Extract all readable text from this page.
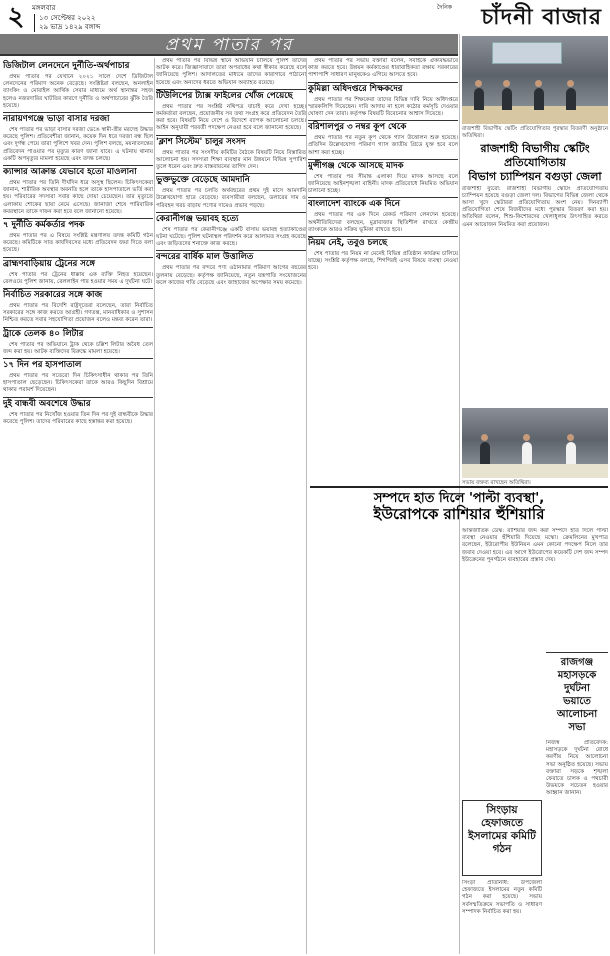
২	মঙ্গলবার
১৩ সেপ্টেম্বর ২০২২
২৯ ভাদ্র ১৪২৯ বঙ্গাব্দ
দৈনিক চাঁদনী বাজার
প্রথম পাতার পর
ডিজিটাল লেনদেনে দুর্নীতি-অর্থপাচার

প্রথম পাতার পর যেখানে ২০২১ সালে দেশে ডিজিটাল লেনদেনের পরিমাণ অনেক বেড়েছে। সংশ্লিষ্টরা বলছেন, অনলাইন ব্যাংকিং ও মোবাইল আর্থিক সেবার মাধ্যমে অর্থ স্থানান্তর সহজ হলেও নজরদারির ঘাটতির কারণে দুর্নীতি ও অর্থপাচারের ঝুঁকি তৈরি হয়েছে।

নারায়ণগঞ্জে ভাড়া বাসার দরজা

শেষ পাতার পর ভাড়া বাসার দরজা ভেঙে স্বামী-স্ত্রীর মরদেহ উদ্ধার করেছে পুলিশ। প্রতিবেশীরা জানান, কয়েক দিন ধরে দরজা বন্ধ ছিল এবং দুর্গন্ধ পেয়ে তারা পুলিশে খবর দেন। পুলিশ বলছে, ময়নাতদন্তের প্রতিবেদন পাওয়ার পর মৃত্যুর কারণ জানা যাবে। এ ঘটনায় থানায় একটি অপমৃত্যুর মামলা হয়েছে এবং তদন্ত চলছে।

ক্যান্সার আক্রান্ত যেভাবে হতো মাওলানা

প্রথম পাতার পর তিনি দীর্ঘদিন ধরে অসুস্থ ছিলেন। চিকিৎসকেরা জানান, শারীরিক অবস্থার অবনতি হলে তাকে হাসপাতালে ভর্তি করা হয়। পরিবারের সদস্যরা সবার কাছে দোয়া চেয়েছেন। তার মৃত্যুতে এলাকায় শোকের ছায়া নেমে এসেছে। জানাজা শেষে পারিবারিক কবরস্থানে তাকে দাফন করা হবে বলে জানানো হয়েছে।

৭ দুর্নীতি কর্মকর্তার পদক

প্রথম পাতার পর এ বিষয়ে সংশ্লিষ্ট মন্ত্রণালয় তদন্ত কমিটি গঠন করেছে। কমিটিকে সাত কার্যদিবসের মধ্যে প্রতিবেদন জমা দিতে বলা হয়েছে।

ব্রাহ্মণবাড়িয়ায় ট্রেনের সঙ্গে

শেষ পাতার পর ট্রেনের ধাক্কায় এক ব্যক্তি নিহত হয়েছেন। রেলওয়ে পুলিশ জানায়, রেললাইন পার হওয়ার সময় এ দুর্ঘটনা ঘটে।

নির্বাচিত সরকারের সঙ্গে কাজ

প্রথম পাতার পর বিদেশি রাষ্ট্রদূতেরা বলেছেন, তারা নির্বাচিত সরকারের সঙ্গে কাজ করতে আগ্রহী। গণতন্ত্র, মানবাধিকার ও সুশাসন নিশ্চিত করতে সবার সহযোগিতা প্রয়োজন বলেও মন্তব্য করেন তারা।

ট্রাকে তেলক ৪০ লিটার

শেষ পাতার পর অভিযানে ট্রাক থেকে চল্লিশ লিটার অবৈধ তেল জব্দ করা হয়। আটক ব্যক্তিদের বিরুদ্ধে মামলা হয়েছে।

১৭ দিন পর হাসপাতাল

প্রথম পাতার পর সতেরো দিন চিকিৎসাধীন থাকার পর তিনি হাসপাতাল ছেড়েছেন। চিকিৎসকেরা তাকে আরও কিছুদিন বিশ্রামে থাকার পরামর্শ দিয়েছেন।

দুই বান্ধবী অবশেষে উদ্ধার

শেষ পাতার পর নিখোঁজ হওয়ার তিন দিন পর দুই বান্ধবীকে উদ্ধার করেছে পুলিশ। তাদের পরিবারের কাছে হস্তান্তর করা হয়েছে।

প্রথম পাতার পর বিভিন্ন স্থানে অভিযান চালিয়ে পুলিশ তাদের আটক করে। জিজ্ঞাসাবাদে তারা অপরাধের কথা স্বীকার করেছে বলে জানিয়েছে পুলিশ। আদালতের মাধ্যমে তাদের কারাগারে পাঠানো হয়েছে এবং অন্যদের ধরতে অভিযান অব্যাহত রয়েছে।

টিউলিপের ট্যাক্স ফাইলের খোঁজ পেয়েছে

প্রথম পাতার পর সংশ্লিষ্ট নথিপত্র যাচাই করে দেখা হচ্ছে। কর্মকর্তারা বলছেন, প্রয়োজনীয় সব তথ্য সংগ্রহ করে প্রতিবেদন তৈরি করা হবে। বিষয়টি নিয়ে দেশে ও বিদেশে ব্যাপক আলোচনা চলছে। আইন অনুযায়ী পরবর্তী পদক্ষেপ নেওয়া হবে বলে জানানো হয়েছে।

'ক্লাশ সিস্টেম' চালুর সংসদ

প্রথম পাতার পর সংসদীয় কমিটির বৈঠকে বিষয়টি নিয়ে বিস্তারিত আলোচনা হয়। সদস্যরা শিক্ষা ব্যবস্থার মান উন্নয়নে বিভিন্ন সুপারিশ তুলে ধরেন এবং দ্রুত বাস্তবায়নের তাগিদ দেন।

ভুক্তভুক্তে বেড়েছে আমদানি

প্রথম পাতার পর চলতি অর্থবছরের প্রথম দুই মাসে আমদানি উল্লেখযোগ্য হারে বেড়েছে। ব্যবসায়ীরা বলছেন, ডলারের দাম ও পরিবহন খরচ বাড়ায় পণ্যের দামেও প্রভাব পড়ছে।

কেরানীগঞ্জ ভয়াবহ হত্যে

শেষ পাতার পর কেরানীগঞ্জে একটি বাসায় ভয়াবহ হত্যাকাণ্ডের ঘটনা ঘটেছে। পুলিশ ঘটনাস্থল পরিদর্শন করে আলামত সংগ্রহ করেছে এবং জড়িতদের শনাক্তে কাজ করছে।

বন্দরের বার্ষিক মাল উত্তালিত

প্রথম পাতার পর বন্দরে পণ্য ওঠানামার পরিমাণ আগের বছরের তুলনায় বেড়েছে। কর্তৃপক্ষ জানিয়েছে, নতুন যন্ত্রপাতি সংযোজনের ফলে কাজের গতি বেড়েছে এবং জাহাজের অপেক্ষার সময় কমেছে।

প্রথম পাতার পর সভায় বক্তারা বলেন, সবাইকে ঐক্যবদ্ধভাবে কাজ করতে হবে। উন্নয়ন কর্মকাণ্ডের ধারাবাহিকতা রক্ষায় সরকারের পাশাপাশি সাধারণ মানুষকেও এগিয়ে আসতে হবে।

কুমিল্লা অধিদপ্তরে শিক্ষকদের

প্রথম পাতার পর শিক্ষকেরা তাদের বিভিন্ন দাবি নিয়ে অধিদপ্তরে স্মারকলিপি দিয়েছেন। দাবি আদায় না হলে কঠোর কর্মসূচি দেওয়ার ঘোষণা দেন তারা। কর্তৃপক্ষ বিষয়টি বিবেচনার আশ্বাস দিয়েছে।

বরিশালপুর ৩ নম্বর কূপ থেকে

প্রথম পাতার পর নতুন কূপ থেকে গ্যাস উত্তোলন শুরু হয়েছে। প্রতিদিন উল্লেখযোগ্য পরিমাণ গ্যাস জাতীয় গ্রিডে যুক্ত হবে বলে আশা করা হচ্ছে।

মুন্সীগঞ্জ থেকে আসছে মাদক

শেষ পাতার পর সীমান্ত এলাকা দিয়ে মাদক আসছে বলে জানিয়েছে আইনশৃঙ্খলা বাহিনী। মাদক প্রতিরোধে নিয়মিত অভিযান চালানো হচ্ছে।

বাংলাদেশ ব্যাংকে এক দিনে

প্রথম পাতার পর এক দিনে রেকর্ড পরিমাণ লেনদেন হয়েছে। অর্থনীতিবিদেরা বলছেন, মুদ্রাবাজার স্থিতিশীল রাখতে কেন্দ্রীয় ব্যাংককে আরও সক্রিয় ভূমিকা রাখতে হবে।

নিয়ম নেই, তবুও চলছে

শেষ পাতার পর নিয়ম না মেনেই বিভিন্ন প্রতিষ্ঠান কার্যক্রম চালিয়ে যাচ্ছে। সংশ্লিষ্ট কর্তৃপক্ষ বলছে, শিগগিরই এসব বিষয়ে ব্যবস্থা নেওয়া হবে।

রাজশাহী বিভাগীয় স্কেটিং প্রতিযোগিতার পুরস্কার বিতরণী অনুষ্ঠানে অতিথিরা।
রাজশাহী বিভাগীয় স্কেটিং প্রতিযোগিতায়
বিভাগ চ্যাম্পিয়ন বগুড়া জেলা
রাজশাহী ব্যুরো: রাজশাহী বিভাগীয় স্কেটিং প্রতিযোগিতায় চ্যাম্পিয়ন হয়েছে বগুড়া জেলা দল। বিভাগের বিভিন্ন জেলা থেকে আসা খুদে স্কেটাররা প্রতিযোগিতায় অংশ নেয়। দিনব্যাপী প্রতিযোগিতা শেষে বিজয়ীদের মধ্যে পুরস্কার বিতরণ করা হয়। অতিথিরা বলেন, শিশু-কিশোরদের খেলাধুলায় উৎসাহিত করতে এমন আয়োজন নিয়মিত করা প্রয়োজন।
সভায় বক্তব্য রাখছেন অতিথিরা।
সম্পদে হাত দিলে 'পাল্টা ব্যবস্থা',
ইউরোপকে রাশিয়ার হুঁশিয়ারি
আন্তর্জাতিক ডেস্ক: রাশিয়ার জব্দ করা সম্পদে হাত দিলে পাল্টা ব্যবস্থা নেওয়ার হুঁশিয়ারি দিয়েছে মস্কো। ক্রেমলিনের মুখপাত্র বলেছেন, ইউরোপীয় ইউনিয়ন এমন কোনো পদক্ষেপ নিলে তার জবাব দেওয়া হবে। এর আগে ইউরোপের কয়েকটি দেশ জব্দ সম্পদ ইউক্রেনের পুনর্গঠনে ব্যবহারের প্রস্তাব দেয়।
সিংড়ায় হেফাজতে ইসলামের কমিটি গঠন
সিংড়া প্রতিনিধি: উপজেলা হেফাজতে ইসলামের নতুন কমিটি গঠন করা হয়েছে। সভায় সর্বসম্মতিক্রমে সভাপতি ও সাধারণ সম্পাদক নির্বাচিত করা হয়।
রাজগঞ্জ মহাসড়কে দুর্ঘটনা ভয়াতে আলোচনা সভা
নিজস্ব প্রতিবেদক: মহাসড়কে দুর্ঘটনা রোধে করণীয় নিয়ে আলোচনা সভা অনুষ্ঠিত হয়েছে। সভায় বক্তারা সড়কে শৃঙ্খলা ফেরাতে চালক ও পথচারী উভয়কে সচেতন হওয়ার আহ্বান জানান।
